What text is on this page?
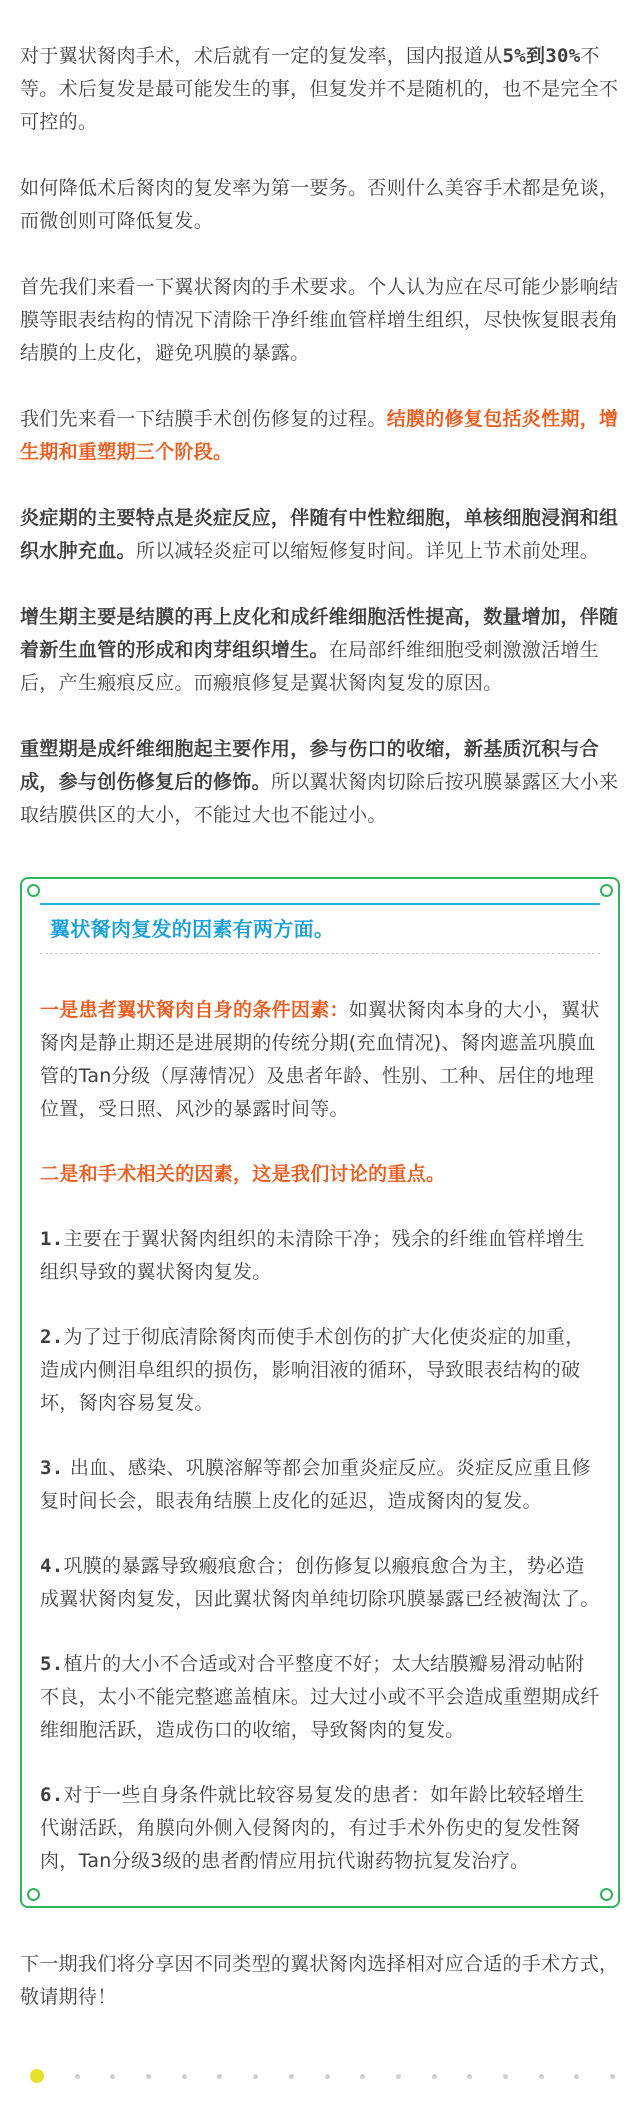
对于翼状胬肉手术，术后就有一定的复发率，国内报道从5%到30%不等。术后复发是最可能发生的事，但复发并不是随机的，也不是完全不可控的。

如何降低术后胬肉的复发率为第一要务。否则什么美容手术都是免谈，而微创则可降低复发。

首先我们来看一下翼状胬肉的手术要求。个人认为应在尽可能少影响结膜等眼表结构的情况下清除干净纤维血管样增生组织，尽快恢复眼表角结膜的上皮化，避免巩膜的暴露。

我们先来看一下结膜手术创伤修复的过程。结膜的修复包括炎性期，增生期和重塑期三个阶段。

炎症期的主要特点是炎症反应，伴随有中性粒细胞，单核细胞浸润和组织水肿充血。所以减轻炎症可以缩短修复时间。详见上节术前处理。

增生期主要是结膜的再上皮化和成纤维细胞活性提高，数量增加，伴随着新生血管的形成和肉芽组织增生。在局部纤维细胞受刺激激活增生后，产生瘢痕反应。而瘢痕修复是翼状胬肉复发的原因。

重塑期是成纤维细胞起主要作用，参与伤口的收缩，新基质沉积与合成，参与创伤修复后的修饰。所以翼状胬肉切除后按巩膜暴露区大小来取结膜供区的大小，不能过大也不能过小。

翼状胬肉复发的因素有两方面。

一是患者翼状胬肉自身的条件因素：如翼状胬肉本身的大小，翼状胬肉是静止期还是进展期的传统分期(充血情况)、胬肉遮盖巩膜血管的Tan分级（厚薄情况）及患者年龄、性别、工种、居住的地理位置，受日照、风沙的暴露时间等。

二是和手术相关的因素，这是我们讨论的重点。

1.主要在于翼状胬肉组织的未清除干净；残余的纤维血管样增生组织导致的翼状胬肉复发。

2.为了过于彻底清除胬肉而使手术创伤的扩大化使炎症的加重，造成内侧泪阜组织的损伤，影响泪液的循环，导致眼表结构的破坏，胬肉容易复发。

3. 出血、感染、巩膜溶解等都会加重炎症反应。炎症反应重且修复时间长会，眼表角结膜上皮化的延迟，造成胬肉的复发。

4.巩膜的暴露导致瘢痕愈合；创伤修复以瘢痕愈合为主，势必造成翼状胬肉复发，因此翼状胬肉单纯切除巩膜暴露已经被淘汰了。

5.植片的大小不合适或对合平整度不好；太大结膜瓣易滑动帖附不良，太小不能完整遮盖植床。过大过小或不平会造成重塑期成纤维细胞活跃，造成伤口的收缩，导致胬肉的复发。

6.对于一些自身条件就比较容易复发的患者：如年龄比较轻增生代谢活跃，角膜向外侧入侵胬肉的，有过手术外伤史的复发性胬肉，Tan分级3级的患者酌情应用抗代谢药物抗复发治疗。

下一期我们将分享因不同类型的翼状胬肉选择相对应合适的手术方式，敬请期待！
